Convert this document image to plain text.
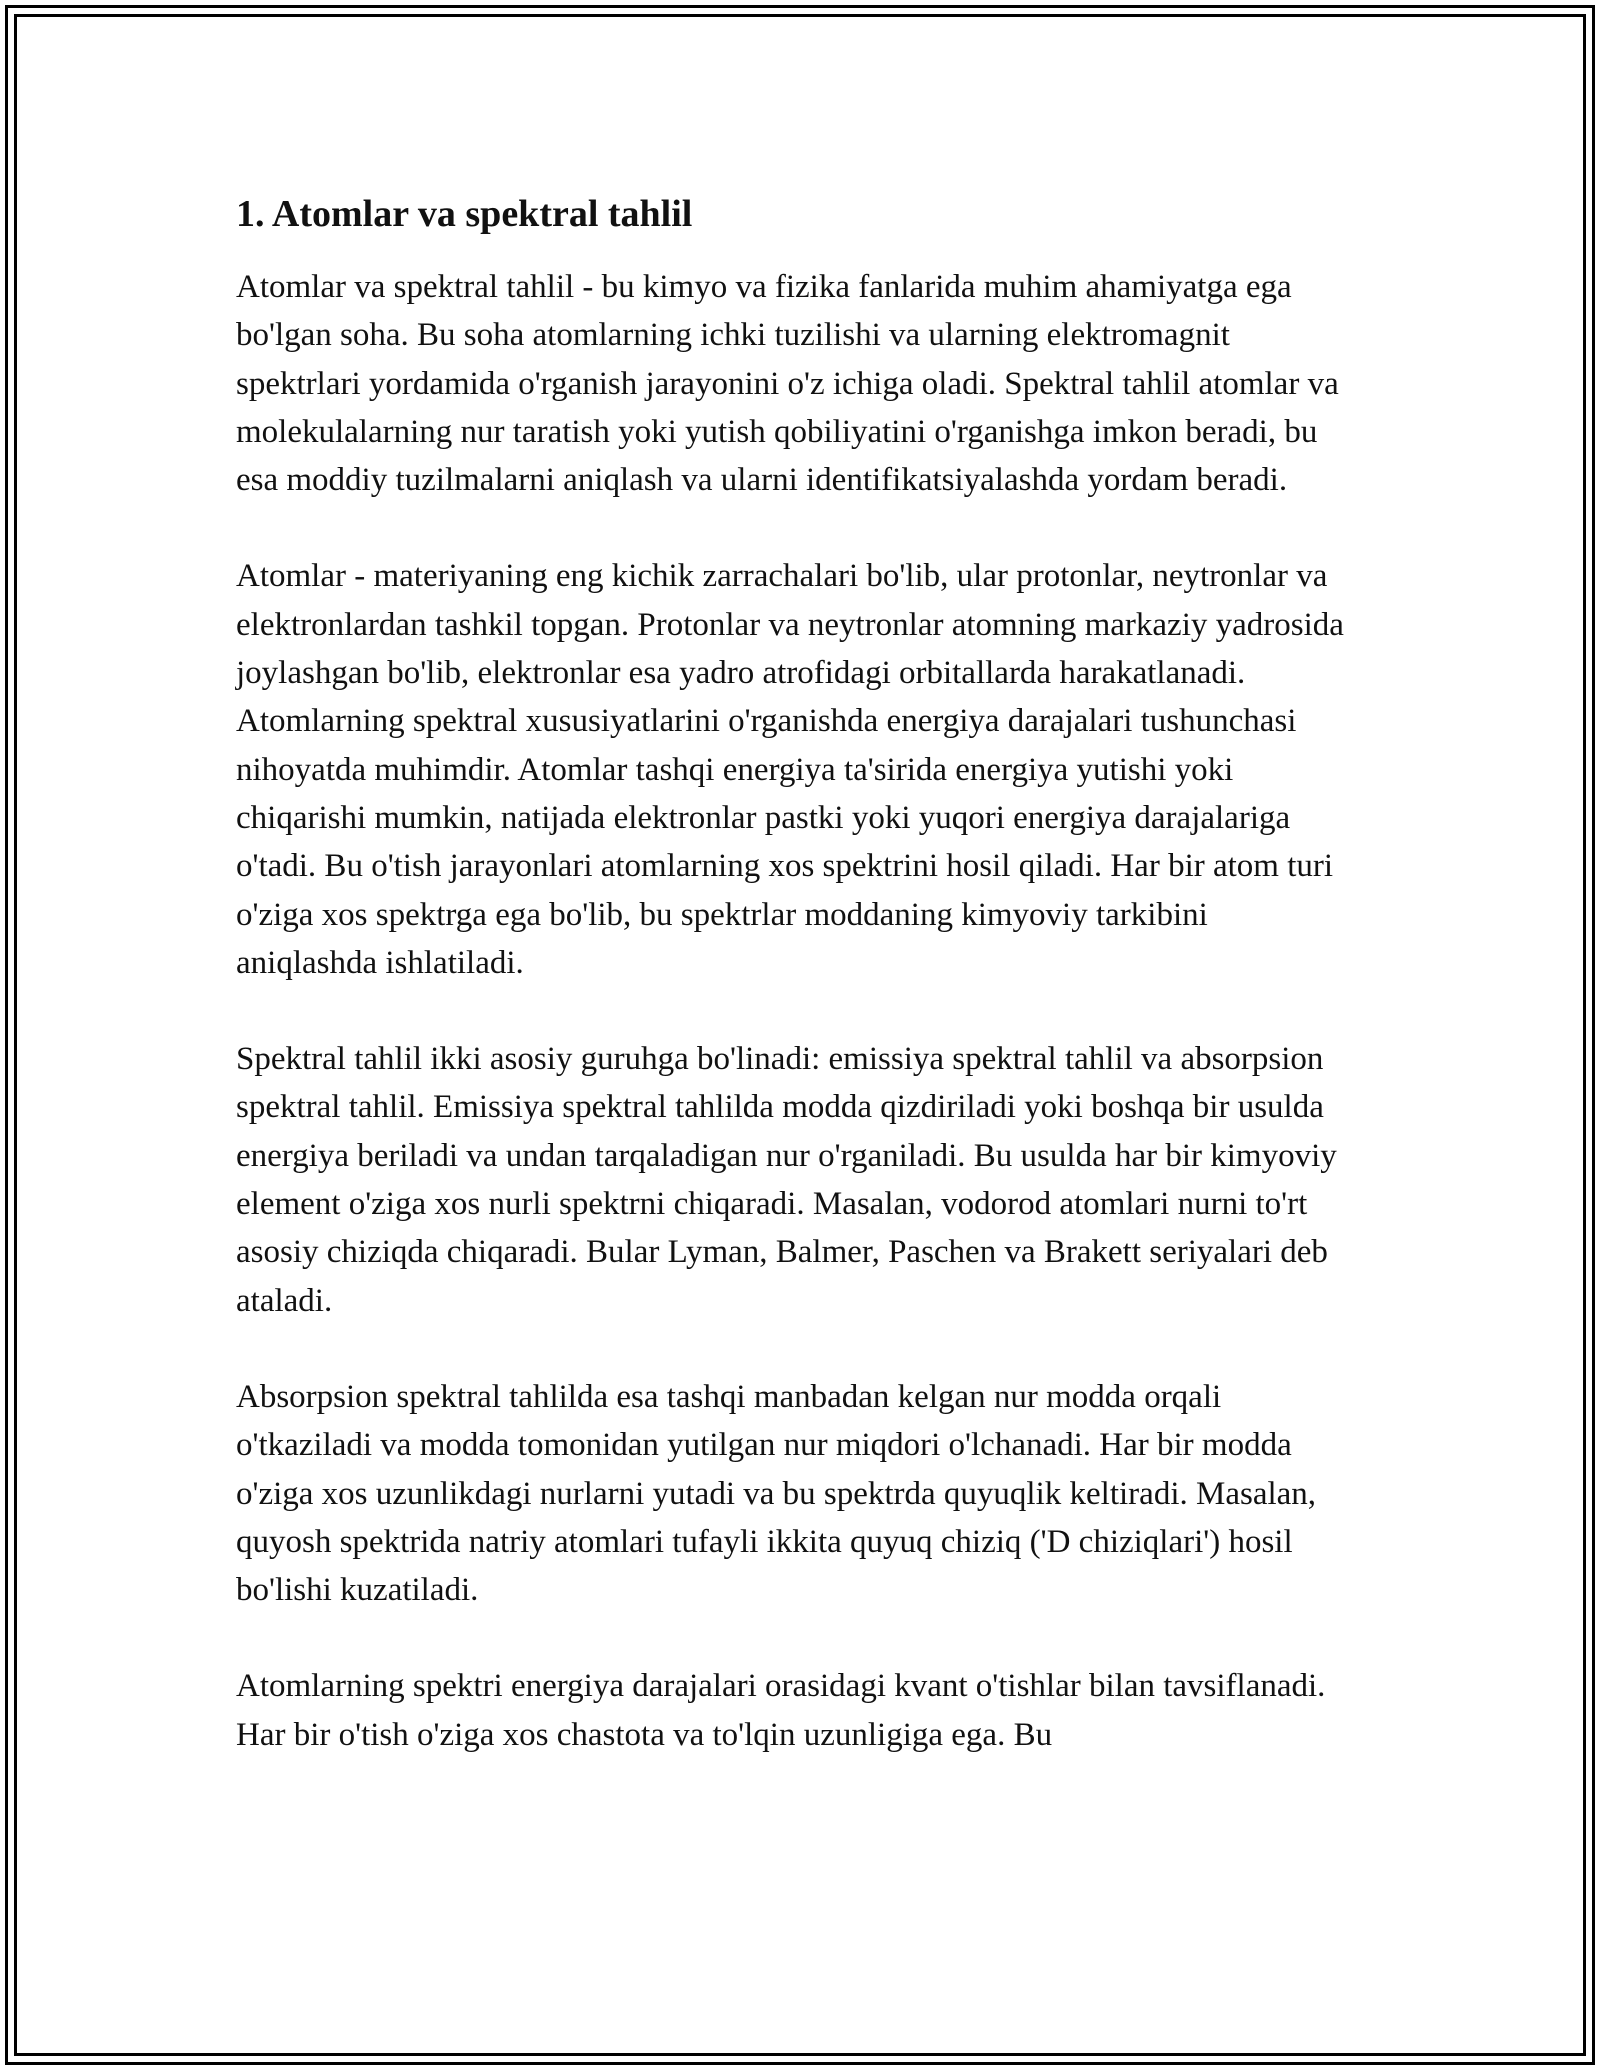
1. Atomlar va spektral tahlil

Atomlar va spektral tahlil - bu kimyo va fizika fanlarida muhim ahamiyatga ega bo'lgan soha. Bu soha atomlarning ichki tuzilishi va ularning elektromagnit spektrlari yordamida o'rganish jarayonini o'z ichiga oladi. Spektral tahlil atomlar va molekulalarning nur taratish yoki yutish qobiliyatini o'rganishga imkon beradi, bu esa moddiy tuzilmalarni aniqlash va ularni identifikatsiyalashda yordam beradi.

Atomlar - materiyaning eng kichik zarrachalari bo'lib, ular protonlar, neytronlar va elektronlardan tashkil topgan. Protonlar va neytronlar atomning markaziy yadrosida joylashgan bo'lib, elektronlar esa yadro atrofidagi orbitallarda harakatlanadi. Atomlarning spektral xususiyatlarini o'rganishda energiya darajalari tushunchasi nihoyatda muhimdir. Atomlar tashqi energiya ta'sirida energiya yutishi yoki chiqarishi mumkin, natijada elektronlar pastki yoki yuqori energiya darajalariga o'tadi. Bu o'tish jarayonlari atomlarning xos spektrini hosil qiladi. Har bir atom turi o'ziga xos spektrga ega bo'lib, bu spektrlar moddaning kimyoviy tarkibini aniqlashda ishlatiladi.

Spektral tahlil ikki asosiy guruhga bo'linadi: emissiya spektral tahlil va absorpsion spektral tahlil. Emissiya spektral tahlilda modda qizdiriladi yoki boshqa bir usulda energiya beriladi va undan tarqaladigan nur o'rganiladi. Bu usulda har bir kimyoviy element o'ziga xos nurli spektrni chiqaradi. Masalan, vodorod atomlari nurni to'rt asosiy chiziqda chiqaradi. Bular Lyman, Balmer, Paschen va Brakett seriyalari deb ataladi.

Absorpsion spektral tahlilda esa tashqi manbadan kelgan nur modda orqali o'tkaziladi va modda tomonidan yutilgan nur miqdori o'lchanadi. Har bir modda o'ziga xos uzunlikdagi nurlarni yutadi va bu spektrda quyuqlik keltiradi. Masalan, quyosh spektrida natriy atomlari tufayli ikkita quyuq chiziq ('D chiziqlari') hosil bo'lishi kuzatiladi.

Atomlarning spektri energiya darajalari orasidagi kvant o'tishlar bilan tavsiflanadi. Har bir o'tish o'ziga xos chastota va to'lqin uzunligiga ega. Bu
